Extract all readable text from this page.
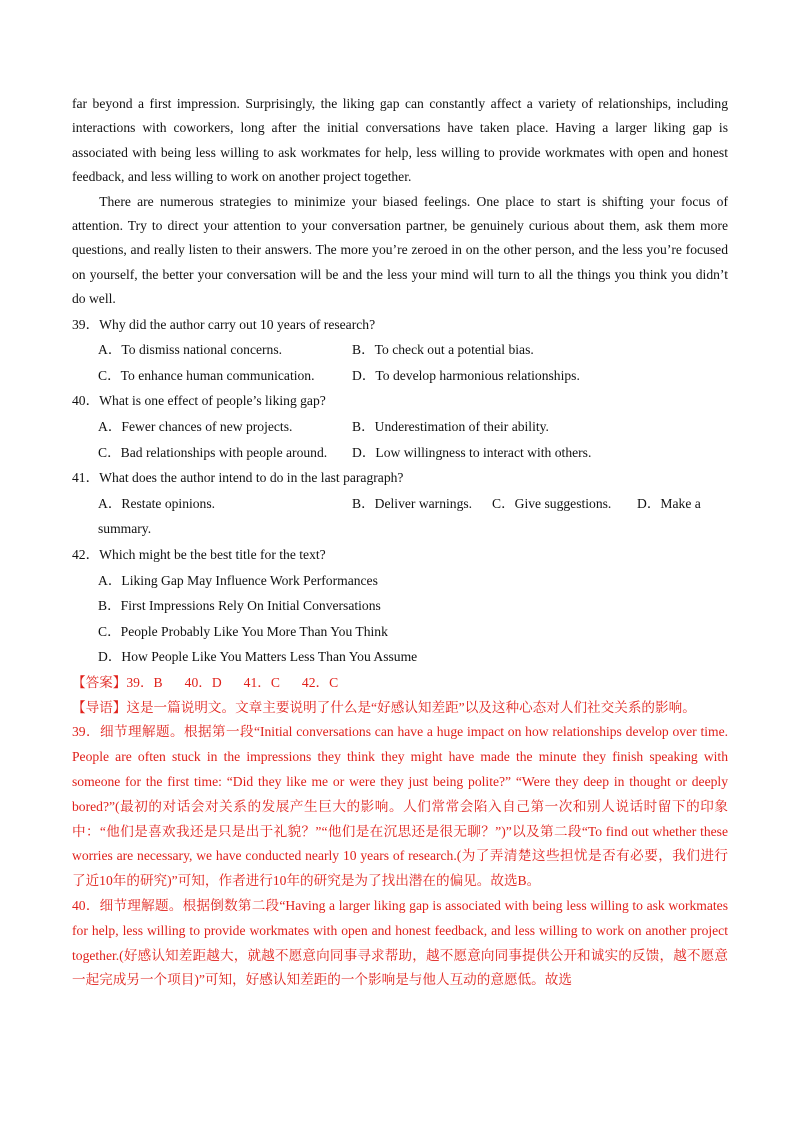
far beyond a first impression. Surprisingly, the liking gap can constantly affect a variety of relationships, including interactions with coworkers, long after the initial conversations have taken place. Having a larger liking gap is associated with being less willing to ask workmates for help, less willing to provide workmates with open and honest feedback, and less willing to work on another project together.

There are numerous strategies to minimize your biased feelings. One place to start is shifting your focus of attention. Try to direct your attention to your conversation partner, be genuinely curious about them, ask them more questions, and really listen to their answers. The more you’re zeroed in on the other person, and the less you’re focused on yourself, the better your conversation will be and the less your mind will turn to all the things you think you didn’t do well.

39．Why did the author carry out 10 years of research?

A．To dismiss national concerns.	B．To check out a potential bias.
C．To enhance human communication.	D．To develop harmonious relationships.

40．What is one effect of people’s liking gap?

A．Fewer chances of new projects.	B．Underestimation of their ability.
C．Bad relationships with people around.	D．Low willingness to interact with others.

41．What does the author intend to do in the last paragraph?

A．Restate opinions.	B．Deliver warnings.	C．Give suggestions.	D．Make a
summary.

42．Which might be the best title for the text?

A．Liking Gap May Influence Work Performances
B．First Impressions Rely On Initial Conversations
C．People Probably Like You More Than You Think
D．How People Like You Matters Less Than You Assume

【答案】39．B 40．D 41．C 42．C

【导语】这是一篇说明文。文章主要说明了什么是“好感认知差距”以及这种心态对人们社交关系的影响。

39．细节理解题。根据第一段“Initial conversations can have a huge impact on how relationships develop over time. People are often stuck in the impressions they think they might have made the minute they finish speaking with someone for the first time: “Did they like me or were they just being polite?” “Were they deep in thought or deeply bored?”(最初的对话会对关系的发展产生巨大的影响。人们常常会陷入自己第一次和别人说话时留下的印象中：“他们是喜欢我还是只是出于礼貌？”“他们是在沉思还是很无聊？”)”以及第二段“To find out whether these worries are necessary, we have conducted nearly 10 years of research.(为了弄清楚这些担忧是否有必要，我们进行了近10年的研究)”可知，作者进行10年的研究是为了找出潜在的偏见。故选B。

40．细节理解题。根据倒数第二段“Having a larger liking gap is associated with being less willing to ask workmates for help, less willing to provide workmates with open and honest feedback, and less willing to work on another project together.(好感认知差距越大，就越不愿意向同事寻求帮助，越不愿意向同事提供公开和诚实的反馈，越不愿意一起完成另一个项目)”可知，好感认知差距的一个影响是与他人互动的意愿低。故选
